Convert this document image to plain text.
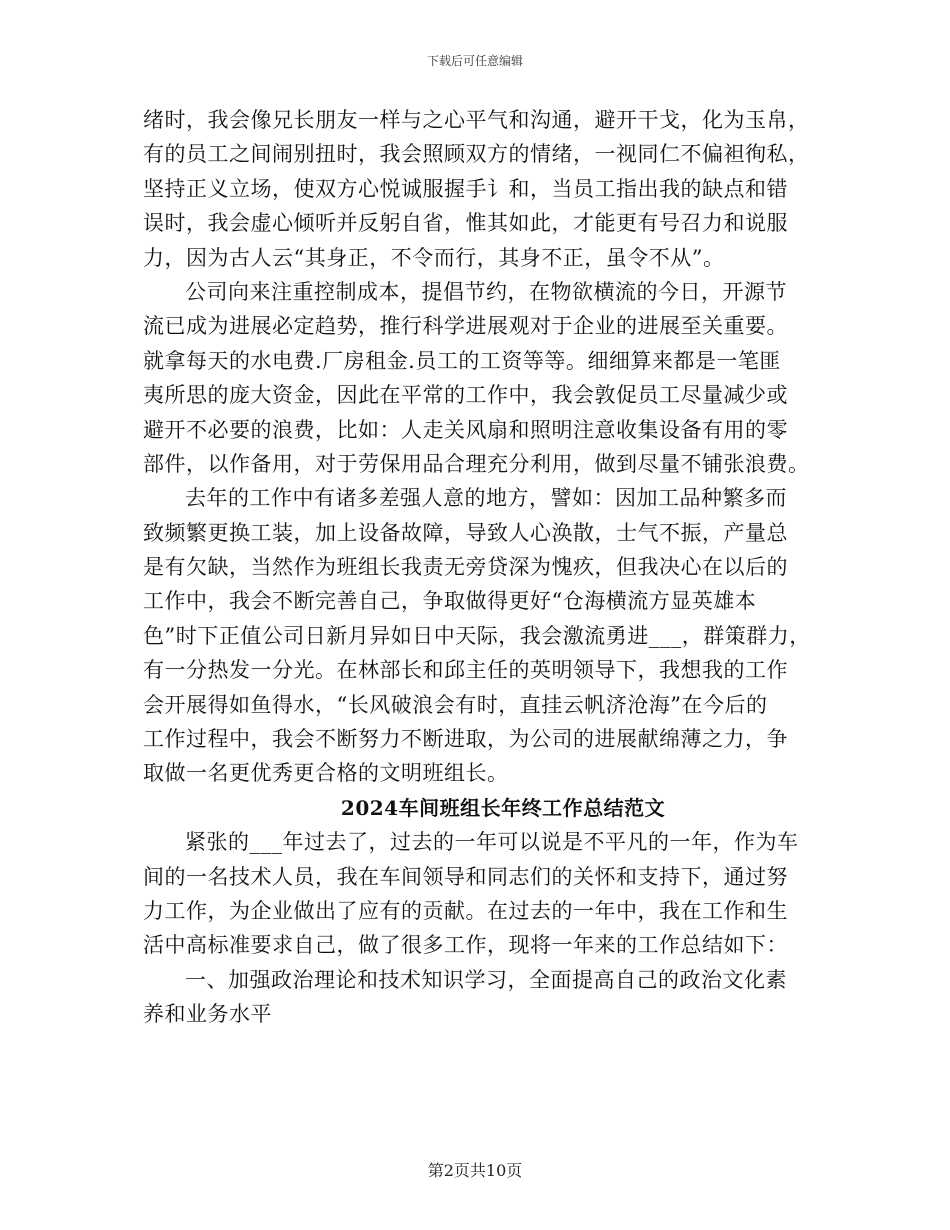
下载后可任意编辑
绪时，我会像兄长朋友一样与之心平气和沟通，避开干戈，化为玉帛，
有的员工之间闹别扭时，我会照顾双方的情绪，一视同仁不偏袒徇私，
坚持正义立场，使双方心悦诚服握手讠和，当员工指出我的缺点和错
误时，我会虚心倾听并反躬自省，惟其如此，才能更有号召力和说服
力，因为古人云“其身正，不令而行，其身不正，虽令不从”。
公司向来注重控制成本，提倡节约，在物欲横流的今日，开源节
流已成为进展必定趋势，推行科学进展观对于企业的进展至关重要。
就拿每天的水电费.厂房租金.员工的工资等等。细细算来都是一笔匪
夷所思的庞大资金，因此在平常的工作中，我会敦促员工尽量减少或
避开不必要的浪费，比如：人走关风扇和照明注意收集设备有用的零
部件，以作备用，对于劳保用品合理充分利用，做到尽量不铺张浪费。
去年的工作中有诸多差强人意的地方，譬如：因加工品种繁多而
致频繁更换工装，加上设备故障，导致人心涣散，士气不振，产量总
是有欠缺，当然作为班组长我责无旁贷深为愧疚，但我决心在以后的
工作中，我会不断完善自己，争取做得更好“仓海横流方显英雄本
色”时下正值公司日新月异如日中天际，我会激流勇进___，群策群力，
有一分热发一分光。在林部长和邱主任的英明领导下，我想我的工作
会开展得如鱼得水，“长风破浪会有时，直挂云帆济沧海”在今后的
工作过程中，我会不断努力不断进取，为公司的进展献绵薄之力，争
取做一名更优秀更合格的文明班组长。
2024车间班组长年终工作总结范文
紧张的___年过去了，过去的一年可以说是不平凡的一年，作为车
间的一名技术人员，我在车间领导和同志们的关怀和支持下，通过努
力工作，为企业做出了应有的贡献。在过去的一年中，我在工作和生
活中高标准要求自己，做了很多工作，现将一年来的工作总结如下：
一、加强政治理论和技术知识学习，全面提高自己的政治文化素
养和业务水平
第2页共10页
